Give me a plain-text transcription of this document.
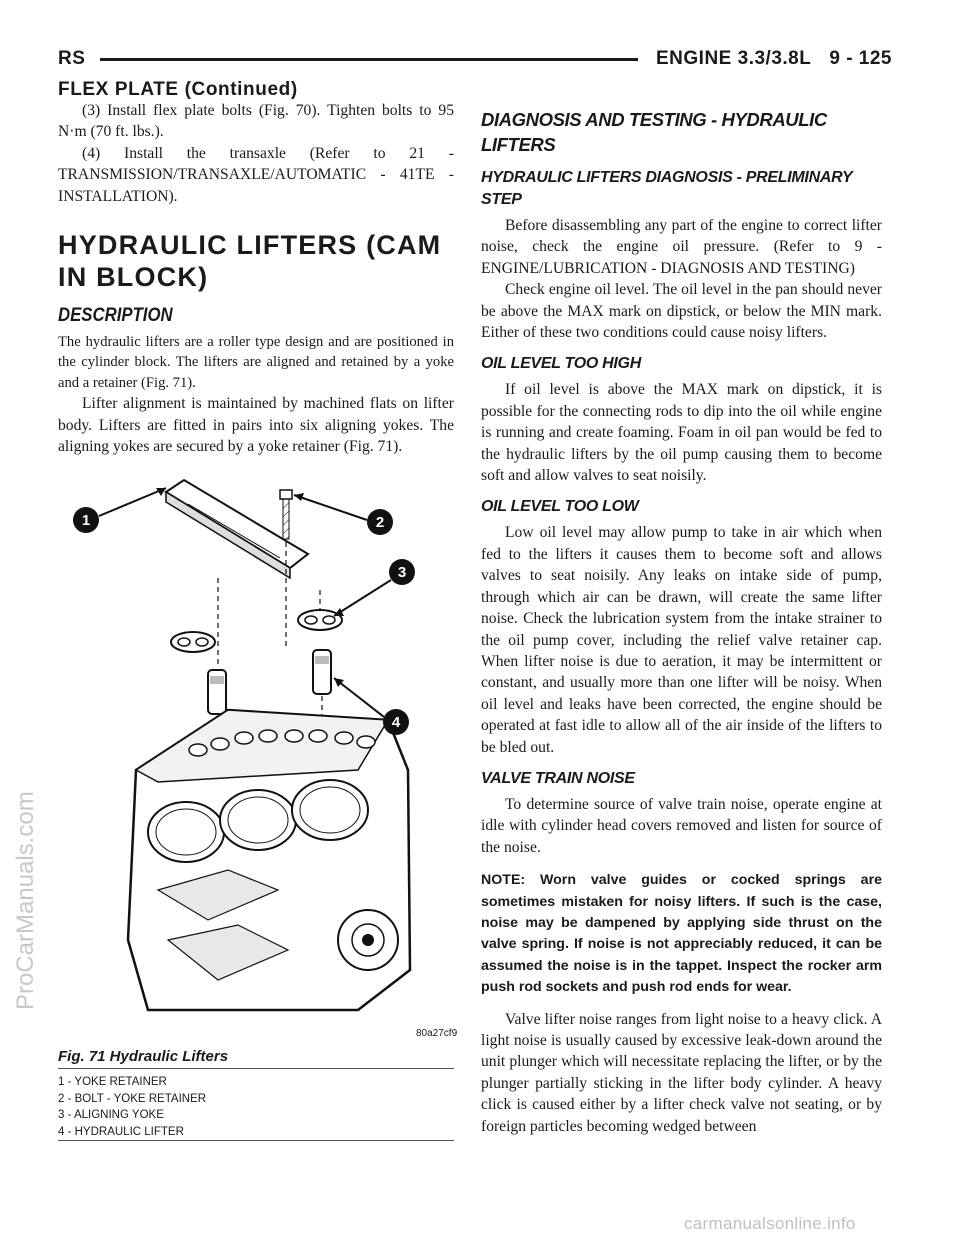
RS	ENGINE 3.3/3.8L 9 - 125
FLEX PLATE (Continued)

(3) Install flex plate bolts (Fig. 70). Tighten bolts to 95 N·m (70 ft. lbs.).

(4) Install the transaxle (Refer to 21 - TRANSMISSION/TRANSAXLE/AUTOMATIC - 41TE - INSTALLATION).

HYDRAULIC LIFTERS (CAM IN BLOCK)
DESCRIPTION

The hydraulic lifters are a roller type design and are positioned in the cylinder block. The lifters are aligned and retained by a yoke and a retainer (Fig. 71).

Lifter alignment is maintained by machined flats on lifter body. Lifters are fitted in pairs into six aligning yokes. The aligning yokes are secured by a yoke retainer (Fig. 71).

1	2
3
4
80a27cf9
Fig. 71 Hydraulic Lifters
1 - YOKE RETAINER
2 - BOLT - YOKE RETAINER
3 - ALIGNING YOKE
4 - HYDRAULIC LIFTER
DIAGNOSIS AND TESTING - HYDRAULIC LIFTERS
HYDRAULIC LIFTERS DIAGNOSIS - PRELIMINARY STEP

Before disassembling any part of the engine to correct lifter noise, check the engine oil pressure. (Refer to 9 - ENGINE/LUBRICATION - DIAGNOSIS AND TESTING)

Check engine oil level. The oil level in the pan should never be above the MAX mark on dipstick, or below the MIN mark. Either of these two conditions could cause noisy lifters.

OIL LEVEL TOO HIGH

If oil level is above the MAX mark on dipstick, it is possible for the connecting rods to dip into the oil while engine is running and create foaming. Foam in oil pan would be fed to the hydraulic lifters by the oil pump causing them to become soft and allow valves to seat noisily.

OIL LEVEL TOO LOW

Low oil level may allow pump to take in air which when fed to the lifters it causes them to become soft and allows valves to seat noisily. Any leaks on intake side of pump, through which air can be drawn, will create the same lifter noise. Check the lubrication system from the intake strainer to the oil pump cover, including the relief valve retainer cap. When lifter noise is due to aeration, it may be intermittent or constant, and usually more than one lifter will be noisy. When oil level and leaks have been corrected, the engine should be operated at fast idle to allow all of the air inside of the lifters to be bled out.

VALVE TRAIN NOISE

To determine source of valve train noise, operate engine at idle with cylinder head covers removed and listen for source of the noise.

NOTE: Worn valve guides or cocked springs are sometimes mistaken for noisy lifters. If such is the case, noise may be dampened by applying side thrust on the valve spring. If noise is not appreciably reduced, it can be assumed the noise is in the tappet. Inspect the rocker arm push rod sockets and push rod ends for wear.

Valve lifter noise ranges from light noise to a heavy click. A light noise is usually caused by excessive leak-down around the unit plunger which will necessitate replacing the lifter, or by the plunger partially sticking in the lifter body cylinder. A heavy click is caused either by a lifter check valve not seating, or by foreign particles becoming wedged between

ProCarManuals.com
carmanualsonline.info
